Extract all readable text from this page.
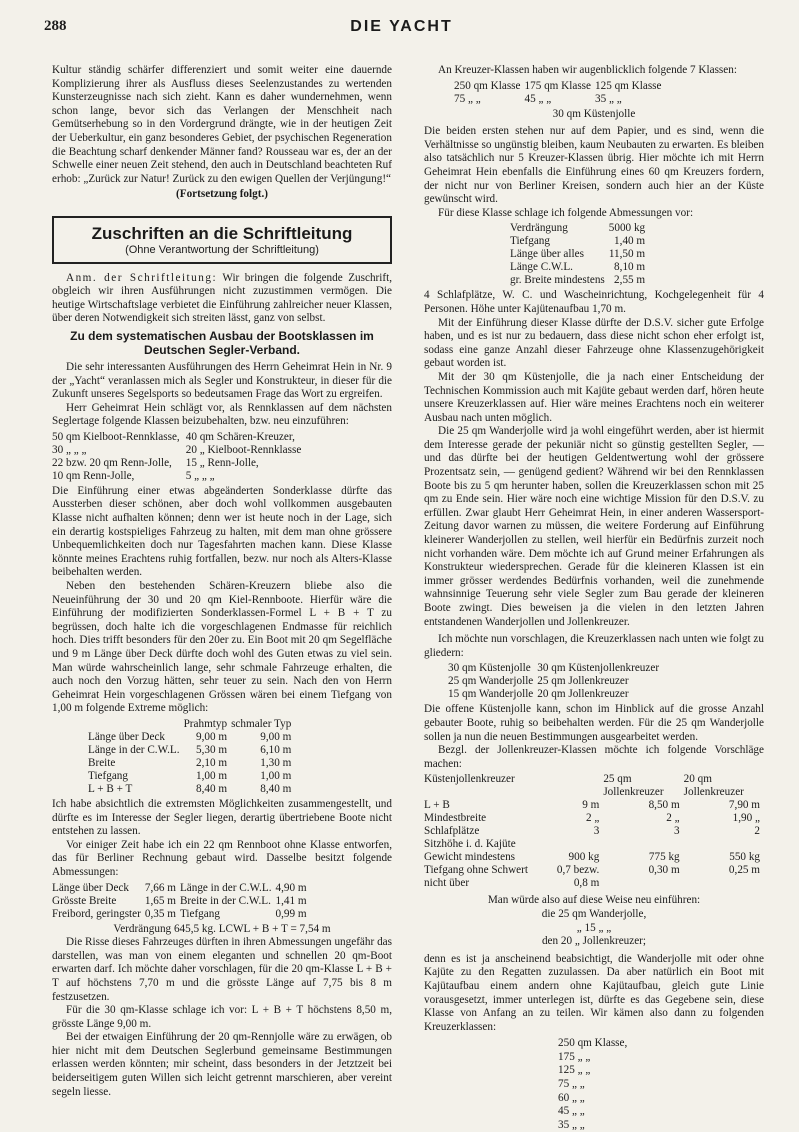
288	DIE YACHT

Kultur ständig schärfer differenziert und somit weiter eine dauernde Komplizierung ihrer als Ausfluss dieses Seelenzustandes zu wertenden Kunsterzeugnisse nach sich zieht. Kann es daher wundernehmen, wenn schon lange, bevor sich das Verlangen der Menschheit nach Gemütserhebung so in den Vordergrund drängte, wie in der heutigen Zeit der Ueberkultur, ein ganz besonderes Gebiet, der psychischen Regeneration die Beachtung scharf denkender Männer fand? Rousseau war es, der an der Schwelle einer neuen Zeit stehend, den auch in Deutschland beachteten Ruf erhob: „Zurück zur Natur! Zurück zu den ewigen Quellen der Verjüngung!“

(Fortsetzung folgt.)
Zuschriften an die Schriftleitung
(Ohne Verantwortung der Schriftleitung)

Anm. der Schriftleitung: Wir bringen die folgende Zuschrift, obgleich wir ihren Ausführungen nicht zuzustimmen vermögen. Die heutige Wirtschaftslage verbietet die Einführung zahlreicher neuer Klassen, über deren Notwendigkeit sich streiten lässt, ganz von selbst.

Zu dem systematischen Ausbau der Bootsklassen im Deutschen Segler-Verband.

Die sehr interessanten Ausführungen des Herrn Geheimrat Hein in Nr. 9 der „Yacht“ veranlassen mich als Segler und Konstrukteur, in dieser für die Zukunft unseres Segelsports so bedeutsamen Frage das Wort zu ergreifen.

Herr Geheimrat Hein schlägt vor, als Rennklassen auf dem nächsten Seglertage folgende Klassen beizubehalten, bzw. neu einzuführen:

50 qm Kielboot-Rennklasse,	40 qm Schären-Kreuzer,
30 „ „ „	20 „ Kielboot-Rennklasse
22 bzw. 20 qm Renn-Jolle,	15 „ Renn-Jolle,
10 qm Renn-Jolle,	5 „ „ „

Die Einführung einer etwas abgeänderten Sonderklasse dürfte das Aussterben dieser schönen, aber doch wohl vollkommen ausgebauten Klasse nicht aufhalten können; denn wer ist heute noch in der Lage, sich ein derartig kostspieliges Fahrzeug zu halten, mit dem man ohne grössere Unbequemlichkeiten doch nur Tagesfahrten machen kann. Diese Klasse könnte meines Erachtens ruhig fortfallen, bezw. nur noch als Alters-Klasse beibehalten werden.

Neben den bestehenden Schären-Kreuzern bliebe also die Neueinführung der 30 und 20 qm Kiel-Rennboote. Hierfür wäre die Einführung der modifizierten Sonderklassen-Formel L + B + T zu begrüssen, doch halte ich die vorgeschlagenen Endmasse für reichlich hoch. Dies trifft besonders für den 20er zu. Ein Boot mit 20 qm Segelfläche und 9 m Länge über Deck dürfte doch wohl des Guten etwas zu viel sein. Man würde wahrscheinlich lange, sehr schmale Fahrzeuge erhalten, die auch noch den Vorzug hätten, sehr teuer zu sein. Nach den von Herrn Geheimrat Hein vorgeschlagenen Grössen wären bei einem Tiefgang von 1,00 m folgende Extreme möglich:

	Prahmtyp	schmaler Typ
Länge über Deck	9,00 m	9,00 m
Länge in der C.W.L.	5,30 m	6,10 m
Breite	2,10 m	1,30 m
Tiefgang	1,00 m	1,00 m
L + B + T	8,40 m	8,40 m

Ich habe absichtlich die extremsten Möglichkeiten zusammengestellt, und dürfte es im Interesse der Segler liegen, derartig übertriebene Boote nicht entstehen zu lassen.

Vor einiger Zeit habe ich ein 22 qm Rennboot ohne Klasse entworfen, das für Berliner Rechnung gebaut wird. Dasselbe besitzt folgende Abmessungen:

Länge über Deck	7,66 m	Länge in der C.W.L.	4,90 m
Grösste Breite	1,65 m	Breite in der C.W.L.	1,41 m
Freibord, geringster	0,35 m	Tiefgang	0,99 m

Verdrängung 645,5 kg. LCWL + B + T = 7,54 m

Die Risse dieses Fahrzeuges dürften in ihren Abmessungen ungefähr das darstellen, was man von einem eleganten und schnellen 20 qm-Boot erwarten darf. Ich möchte daher vorschlagen, für die 20 qm-Klasse L + B + T auf höchstens 7,70 m und die grösste Länge auf 7,75 bis 8 m festzusetzen.

Für die 30 qm-Klasse schlage ich vor: L + B + T höchstens 8,50 m, grösste Länge 9,00 m.

Bei der etwaigen Einführung der 20 qm-Rennjolle wäre zu erwägen, ob hier nicht mit dem Deutschen Seglerbund gemeinsame Bestimmungen erlassen werden könnten; mir scheint, dass besonders in der Jetztzeit bei beiderseitigem guten Willen sich leicht getrennt marschieren, aber vereint segeln liesse.

An Kreuzer-Klassen haben wir augenblicklich folgende 7 Klassen:

250 qm Klasse	175 qm Klasse	125 qm Klasse
75 „ „	45 „ „	35 „ „

30 qm Küstenjolle

Die beiden ersten stehen nur auf dem Papier, und es sind, wenn die Verhältnisse so ungünstig bleiben, kaum Neubauten zu erwarten. Es bleiben also tatsächlich nur 5 Kreuzer-Klassen übrig. Hier möchte ich mit Herrn Geheimrat Hein ebenfalls die Einführung eines 60 qm Kreuzers fordern, der nicht nur von Berliner Kreisen, sondern auch hier an der Küste gewünscht wird.

Für diese Klasse schlage ich folgende Abmessungen vor:

Verdrängung	5000 kg
Tiefgang	1,40 m
Länge über alles	11,50 m
Länge C.W.L.	8,10 m
gr. Breite mindestens	2,55 m

4 Schlafplätze, W. C. und Wascheinrichtung, Kochgelegenheit für 4 Personen. Höhe unter Kajütenaufbau 1,70 m.

Mit der Einführung dieser Klasse dürfte der D.S.V. sicher gute Erfolge haben, und es ist nur zu bedauern, dass diese nicht schon eher erfolgt ist, sodass eine ganze Anzahl dieser Fahrzeuge ohne Klassenzugehörigkeit gebaut worden ist.

Mit der 30 qm Küstenjolle, die ja nach einer Entscheidung der Technischen Kommission auch mit Kajüte gebaut werden darf, hören heute unsere Kreuzerklassen auf. Hier wäre meines Erachtens noch ein weiterer Ausbau nach unten möglich.

Die 25 qm Wanderjolle wird ja wohl eingeführt werden, aber ist hiermit dem Interesse gerade der pekuniär nicht so günstig gestellten Segler, — und das dürfte bei der heutigen Geldentwertung wohl der grössere Prozentsatz sein, — genügend gedient? Während wir bei den Rennklassen Boote bis zu 5 qm herunter haben, sollen die Kreuzerklassen schon mit 25 qm zu Ende sein. Hier wäre noch eine wichtige Mission für den D.S.V. zu erfüllen. Zwar glaubt Herr Geheimrat Hein, in einer anderen Wassersport-Zeitung davor warnen zu müssen, die weitere Forderung auf Einführung kleinerer Wanderjollen zu stellen, weil hierfür ein Bedürfnis zurzeit noch nicht vorhanden wäre. Dem möchte ich auf Grund meiner Erfahrungen als Konstrukteur wiedersprechen. Gerade für die kleineren Klassen ist ein immer grösser werdendes Bedürfnis vorhanden, weil die zunehmende wahnsinnige Teuerung sehr viele Segler zum Bau gerade der kleineren Boote zwingt. Dies beweisen ja die vielen in den letzten Jahren entstandenen Wanderjollen und Jollenkreuzer.

Ich möchte nun vorschlagen, die Kreuzerklassen nach unten wie folgt zu gliedern:

30 qm Küstenjolle	30 qm Küstenjollenkreuzer
25 qm Wanderjolle	25 qm Jollenkreuzer
15 qm Wanderjolle	20 qm Jollenkreuzer

Die offene Küstenjolle kann, schon im Hinblick auf die grosse Anzahl gebauter Boote, ruhig so beibehalten werden. Für die 25 qm Wanderjolle sollen ja nun die neuen Bestimmungen ausgearbeitet werden.

Bezgl. der Jollenkreuzer-Klassen möchte ich folgende Vorschläge machen:

Küstenjollenkreuzer		25 qm Jollenkreuzer	20 qm Jollenkreuzer
L + B	9 m	8,50 m	7,90 m
Mindestbreite	2 „	2 „	1,90 „
Schlafplätze	3	3	2
Sitzhöhe i. d. Kajüte			
Gewicht mindestens	900 kg	775 kg	550 kg
Tiefgang ohne Schwert nicht über	0,7 bezw. 0,8 m	0,30 m	0,25 m

Man würde also auf diese Weise neu einführen:

die 25 qm Wanderjolle,
„ 15 „ „
den 20 „ Jollenkreuzer;

denn es ist ja anscheinend beabsichtigt, die Wanderjolle mit oder ohne Kajüte zu den Regatten zuzulassen. Da aber natürlich ein Boot mit Kajütaufbau einem andern ohne Kajütaufbau, gleich gute Linie vorausgesetzt, immer unterlegen ist, dürfte es das Gegebene sein, diese Klasse von Anfang an zu teilen. Wir kämen also dann zu folgenden Kreuzerklassen:

250 qm Klasse,
175 „ „
125 „ „
75 „ „
60 „ „
45 „ „
35 „ „
